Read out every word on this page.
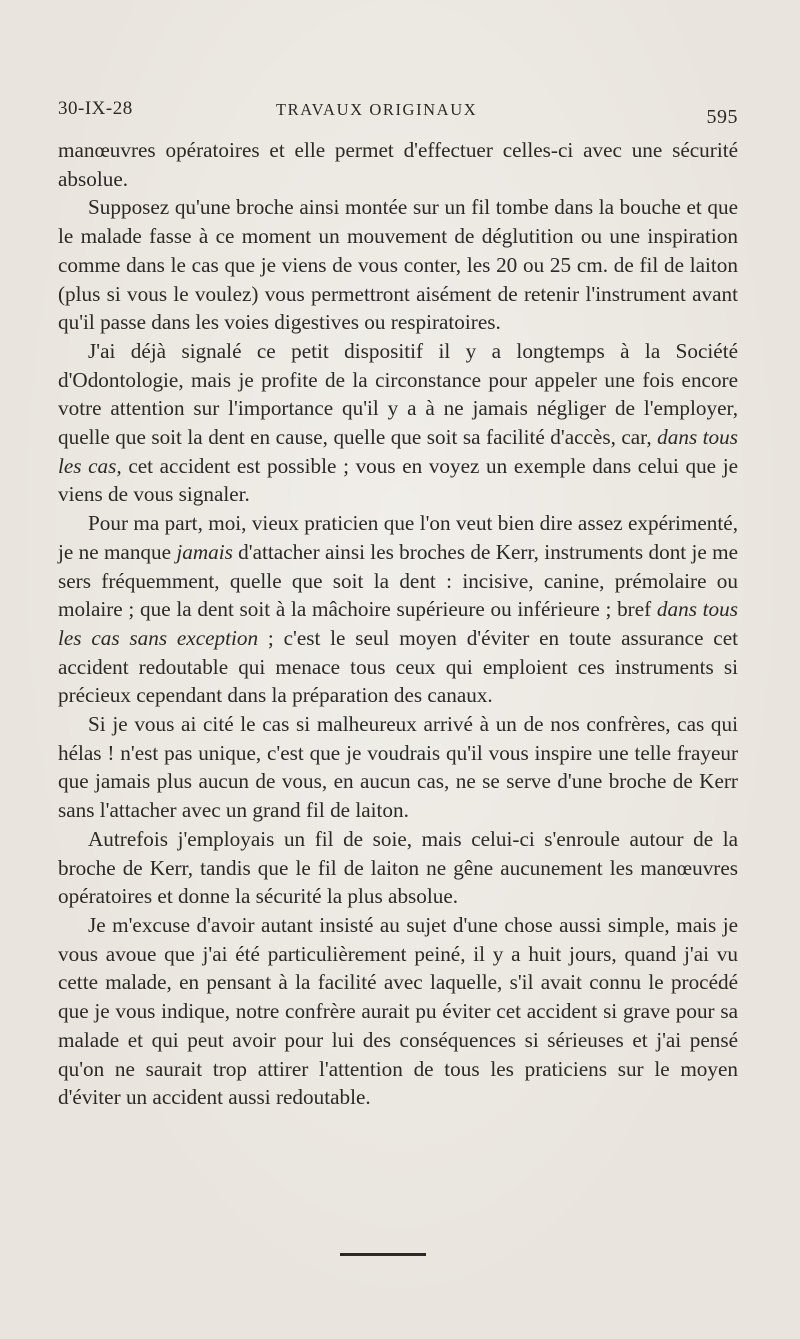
30-IX-28	TRAVAUX ORIGINAUX	595

manœuvres opératoires et elle permet d'effectuer celles-ci avec une sécurité absolue.

Supposez qu'une broche ainsi montée sur un fil tombe dans la bouche et que le malade fasse à ce moment un mouvement de déglutition ou une inspiration comme dans le cas que je viens de vous conter, les 20 ou 25 cm. de fil de laiton (plus si vous le voulez) vous permettront aisément de retenir l'instrument avant qu'il passe dans les voies digestives ou respiratoires.

J'ai déjà signalé ce petit dispositif il y a longtemps à la Société d'Odontologie, mais je profite de la circonstance pour appeler une fois encore votre attention sur l'importance qu'il y a à ne jamais négliger de l'employer, quelle que soit la dent en cause, quelle que soit sa facilité d'accès, car, dans tous les cas, cet accident est possible ; vous en voyez un exemple dans celui que je viens de vous signaler.

Pour ma part, moi, vieux praticien que l'on veut bien dire assez expérimenté, je ne manque jamais d'attacher ainsi les broches de Kerr, instruments dont je me sers fréquemment, quelle que soit la dent : incisive, canine, prémolaire ou molaire ; que la dent soit à la mâchoire supérieure ou inférieure ; bref dans tous les cas sans exception ; c'est le seul moyen d'éviter en toute assurance cet accident redoutable qui menace tous ceux qui emploient ces instruments si précieux cependant dans la préparation des canaux.

Si je vous ai cité le cas si malheureux arrivé à un de nos confrères, cas qui hélas ! n'est pas unique, c'est que je voudrais qu'il vous inspire une telle frayeur que jamais plus aucun de vous, en aucun cas, ne se serve d'une broche de Kerr sans l'attacher avec un grand fil de laiton.

Autrefois j'employais un fil de soie, mais celui-ci s'enroule autour de la broche de Kerr, tandis que le fil de laiton ne gêne aucunement les manœuvres opératoires et donne la sécurité la plus absolue.

Je m'excuse d'avoir autant insisté au sujet d'une chose aussi simple, mais je vous avoue que j'ai été particulièrement peiné, il y a huit jours, quand j'ai vu cette malade, en pensant à la facilité avec laquelle, s'il avait connu le procédé que je vous indique, notre confrère aurait pu éviter cet accident si grave pour sa malade et qui peut avoir pour lui des conséquences si sérieuses et j'ai pensé qu'on ne saurait trop attirer l'attention de tous les praticiens sur le moyen d'éviter un accident aussi redoutable.
